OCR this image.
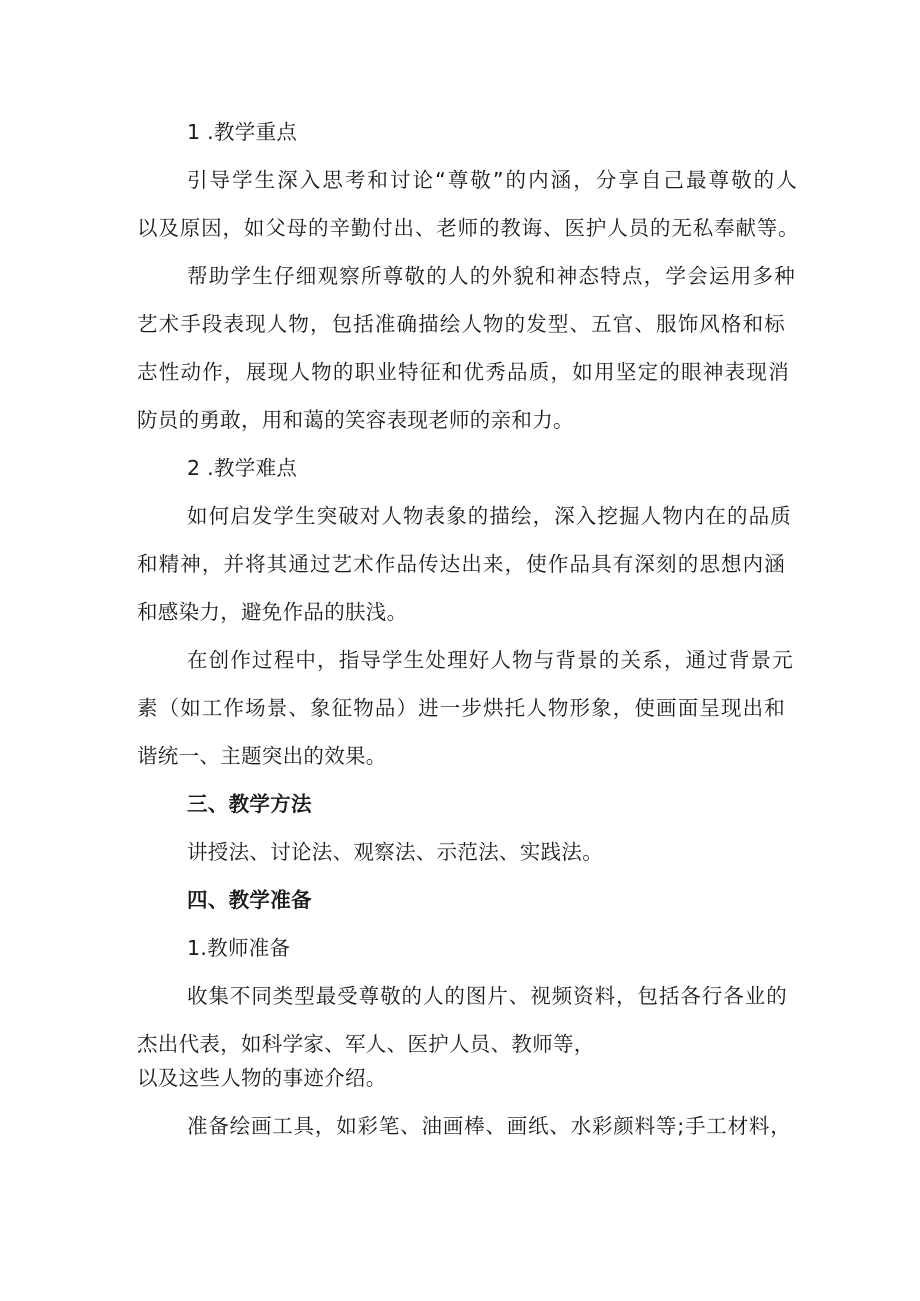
1 .教学重点
引导学生深入思考和讨论“尊敬”的内涵，分享自己最尊敬的人
以及原因，如父母的辛勤付出、老师的教诲、医护人员的无私奉献等。
帮助学生仔细观察所尊敬的人的外貌和神态特点，学会运用多种
艺术手段表现人物，包括准确描绘人物的发型、五官、服饰风格和标
志性动作，展现人物的职业特征和优秀品质，如用坚定的眼神表现消
防员的勇敢，用和蔼的笑容表现老师的亲和力。
2 .教学难点
如何启发学生突破对人物表象的描绘，深入挖掘人物内在的品质
和精神，并将其通过艺术作品传达出来，使作品具有深刻的思想内涵
和感染力，避免作品的肤浅。
在创作过程中，指导学生处理好人物与背景的关系，通过背景元
素（如工作场景、象征物品）进一步烘托人物形象，使画面呈现出和
谐统一、主题突出的效果。
三、教学方法
讲授法、讨论法、观察法、示范法、实践法。
四、教学准备
1.教师准备
收集不同类型最受尊敬的人的图片、视频资料，包括各行各业的
杰出代表，如科学家、军人、医护人员、教师等，
以及这些人物的事迹介绍。
准备绘画工具，如彩笔、油画棒、画纸、水彩颜料等;手工材料，
